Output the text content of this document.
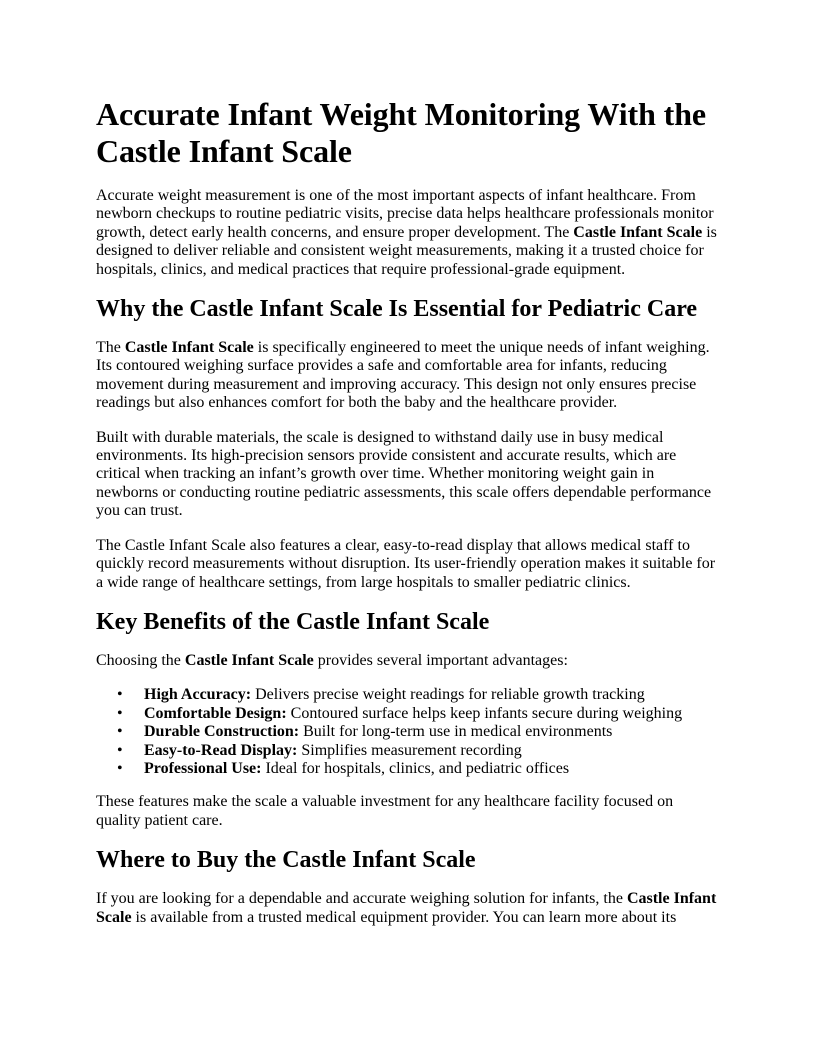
Accurate Infant Weight Monitoring With the Castle Infant Scale

Accurate weight measurement is one of the most important aspects of infant healthcare. From newborn checkups to routine pediatric visits, precise data helps healthcare professionals monitor growth, detect early health concerns, and ensure proper development. The Castle Infant Scale is designed to deliver reliable and consistent weight measurements, making it a trusted choice for hospitals, clinics, and medical practices that require professional-grade equipment.

Why the Castle Infant Scale Is Essential for Pediatric Care

The Castle Infant Scale is specifically engineered to meet the unique needs of infant weighing. Its contoured weighing surface provides a safe and comfortable area for infants, reducing movement during measurement and improving accuracy. This design not only ensures precise readings but also enhances comfort for both the baby and the healthcare provider.

Built with durable materials, the scale is designed to withstand daily use in busy medical environments. Its high-precision sensors provide consistent and accurate results, which are critical when tracking an infant’s growth over time. Whether monitoring weight gain in newborns or conducting routine pediatric assessments, this scale offers dependable performance you can trust.

The Castle Infant Scale also features a clear, easy-to-read display that allows medical staff to quickly record measurements without disruption. Its user-friendly operation makes it suitable for a wide range of healthcare settings, from large hospitals to smaller pediatric clinics.

Key Benefits of the Castle Infant Scale

Choosing the Castle Infant Scale provides several important advantages:

• High Accuracy: Delivers precise weight readings for reliable growth tracking
• Comfortable Design: Contoured surface helps keep infants secure during weighing
• Durable Construction: Built for long-term use in medical environments
• Easy-to-Read Display: Simplifies measurement recording
• Professional Use: Ideal for hospitals, clinics, and pediatric offices

These features make the scale a valuable investment for any healthcare facility focused on quality patient care.

Where to Buy the Castle Infant Scale

If you are looking for a dependable and accurate weighing solution for infants, the Castle Infant Scale is available from a trusted medical equipment provider. You can learn more about its
